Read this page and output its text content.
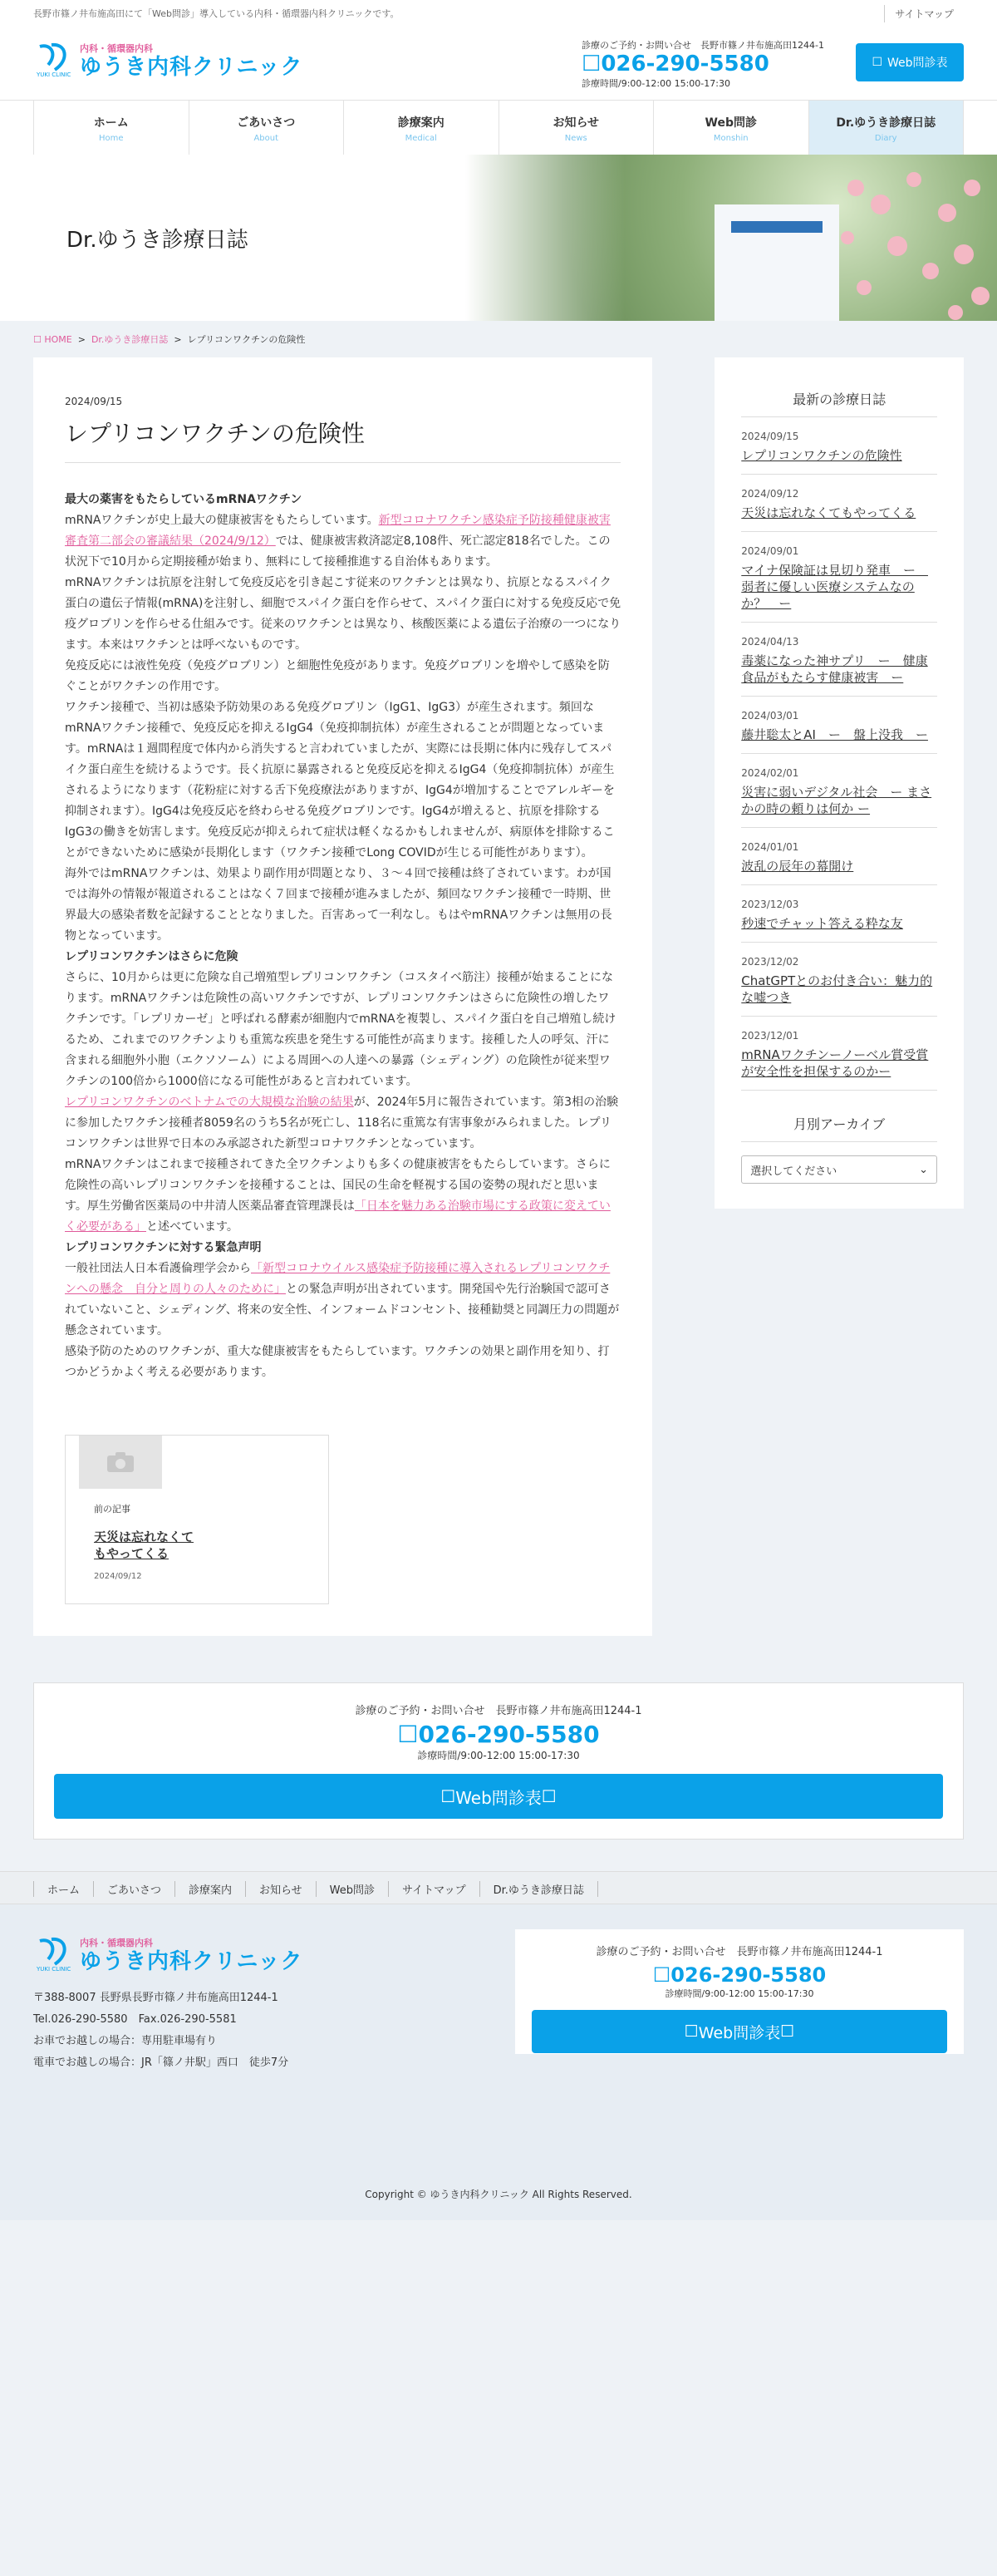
長野市篠ノ井布施高田にて「Web問診」導入している内科・循環器内科クリニックです。	サイトマップ
YUKI CLINIC
内科・循環器内科
ゆうき内科クリニック
診療のご予約・お問い合せ　長野市篠ノ井布施高田1244-1
☐026-290-5580
診療時間/9:00-12:00 15:00-17:30
☐ Web問診表
ホーム
Home
ごあいさつ
About
診療案内
Medical
お知らせ
News
Web問診
Monshin
Dr.ゆうき診療日誌
Diary
Dr.ゆうき診療日誌
☐ HOME  >  Dr.ゆうき診療日誌  >  レプリコンワクチンの危険性
2024/09/15
レプリコンワクチンの危険性

最大の薬害をもたらしているmRNAワクチン

mRNAワクチンが史上最大の健康被害をもたらしています。新型コロナワクチン感染症予防接種健康被害審査第二部会の審議結果（2024/9/12）では、健康被害救済認定8,108件、死亡認定818名でした。この状況下で10月から定期接種が始まり、無料にして接種推進する自治体もあります。

mRNAワクチンは抗原を注射して免疫反応を引き起こす従来のワクチンとは異なり、抗原となるスパイク蛋白の遺伝子情報(mRNA)を注射し、細胞でスパイク蛋白を作らせて、スパイク蛋白に対する免疫反応で免疫グロブリンを作らせる仕組みです。従来のワクチンとは異なり、核酸医薬による遺伝子治療の一つになります。本来はワクチンとは呼べないものです。

免疫反応には液性免疫（免疫グロブリン）と細胞性免疫があります。免疫グロブリンを増やして感染を防ぐことがワクチンの作用です。

ワクチン接種で、当初は感染予防効果のある免疫グロブリン（IgG1、IgG3）が産生されます。頻回なmRNAワクチン接種で、免疫反応を抑えるIgG4（免疫抑制抗体）が産生されることが問題となっています。mRNAは１週間程度で体内から消失すると言われていましたが、実際には長期に体内に残存してスパイク蛋白産生を続けるようです。長く抗原に暴露されると免疫反応を抑えるIgG4（免疫抑制抗体）が産生されるようになります（花粉症に対する舌下免疫療法がありますが、IgG4が増加することでアレルギーを抑制されます）。IgG4は免疫反応を終わらせる免疫グロブリンです。IgG4が増えると、抗原を排除するIgG3の働きを妨害します。免疫反応が抑えられて症状は軽くなるかもしれませんが、病原体を排除することができないために感染が長期化します（ワクチン接種でLong COVIDが生じる可能性があります）。

海外ではmRNAワクチンは、効果より副作用が問題となり、３～４回で接種は終了されています。わが国では海外の情報が報道されることはなく７回まで接種が進みましたが、頻回なワクチン接種で一時期、世界最大の感染者数を記録することとなりました。百害あって一利なし。もはやmRNAワクチンは無用の長物となっています。

レプリコンワクチンはさらに危険

さらに、10月からは更に危険な自己増殖型レプリコンワクチン（コスタイベ筋注）接種が始まることになります。mRNAワクチンは危険性の高いワクチンですが、レプリコンワクチンはさらに危険性の増したワクチンです。「レプリカーゼ」と呼ばれる酵素が細胞内でmRNAを複製し、スパイク蛋白を自己増殖し続けるため、これまでのワクチンよりも重篤な疾患を発生する可能性が高まります。接種した人の呼気、汗に含まれる細胞外小胞（エクソソーム）による周囲への人達への暴露（シェディング）の危険性が従来型ワクチンの100倍から1000倍になる可能性があると言われています。

レプリコンワクチンのベトナムでの大規模な治験の結果が、2024年5月に報告されています。第3相の治験に参加したワクチン接種者8059名のうち5名が死亡し、118名に重篤な有害事象がみられました。レプリコンワクチンは世界で日本のみ承認された新型コロナワクチンとなっています。

mRNAワクチンはこれまで接種されてきた全ワクチンよりも多くの健康被害をもたらしています。さらに危険性の高いレプリコンワクチンを接種することは、国民の生命を軽視する国の姿勢の現れだと思います。厚生労働省医薬局の中井清人医薬品審査管理課長は「日本を魅力ある治験市場にする政策に変えていく必要がある」と述べています。

レプリコンワクチンに対する緊急声明

一般社団法人日本看護倫理学会から「新型コロナウイルス感染症予防接種に導入されるレプリコンワクチンへの懸念　自分と周りの人々のために」との緊急声明が出されています。開発国や先行治験国で認可されていないこと、シェディング、将来の安全性、インフォームドコンセント、接種勧奨と同調圧力の問題が懸念されています。

感染予防のためのワクチンが、重大な健康被害をもたらしています。ワクチンの効果と副作用を知り、打つかどうかよく考える必要があります。

前の記事
天災は忘れなくてもやってくる
2024/09/12
最新の診療日誌
2024/09/15
レプリコンワクチンの危険性
2024/09/12
天災は忘れなくてもやってくる
2024/09/01
マイナ保険証は見切り発車　ー　弱者に優しい医療システムなのか？　ー
2024/04/13
毒薬になった神サプリ　ー　健康食品がもたらす健康被害　ー
2024/03/01
藤井聡太とAI　ー　盤上没我　ー
2024/02/01
災害に弱いデジタル社会　ー まさかの時の頼りは何か ー
2024/01/01
波乱の辰年の幕開け
2023/12/03
秒速でチャット答える粋な友
2023/12/02
ChatGPTとのお付き合い：魅力的な嘘つき
2023/12/01
mRNAワクチンーノーベル賞受賞が安全性を担保するのかー
月別アーカイブ
選択してください	⌄
診療のご予約・お問い合せ　長野市篠ノ井布施高田1244-1
☐026-290-5580
診療時間/9:00-12:00 15:00-17:30
☐ Web問診表 ☐
ホーム	ごあいさつ	診療案内	お知らせ	Web問診	サイトマップ	Dr.ゆうき診療日誌
YUKI CLINIC
内科・循環器内科
ゆうき内科クリニック
〒388-8007 長野県長野市篠ノ井布施高田1244-1
Tel.026-290-5580　Fax.026-290-5581
お車でお越しの場合：専用駐車場有り
電車でお越しの場合：JR「篠ノ井駅」西口　徒歩7分
診療のご予約・お問い合せ　長野市篠ノ井布施高田1244-1
☐026-290-5580
診療時間/9:00-12:00 15:00-17:30
☐ Web問診表 ☐
Copyright © ゆうき内科クリニック All Rights Reserved.
